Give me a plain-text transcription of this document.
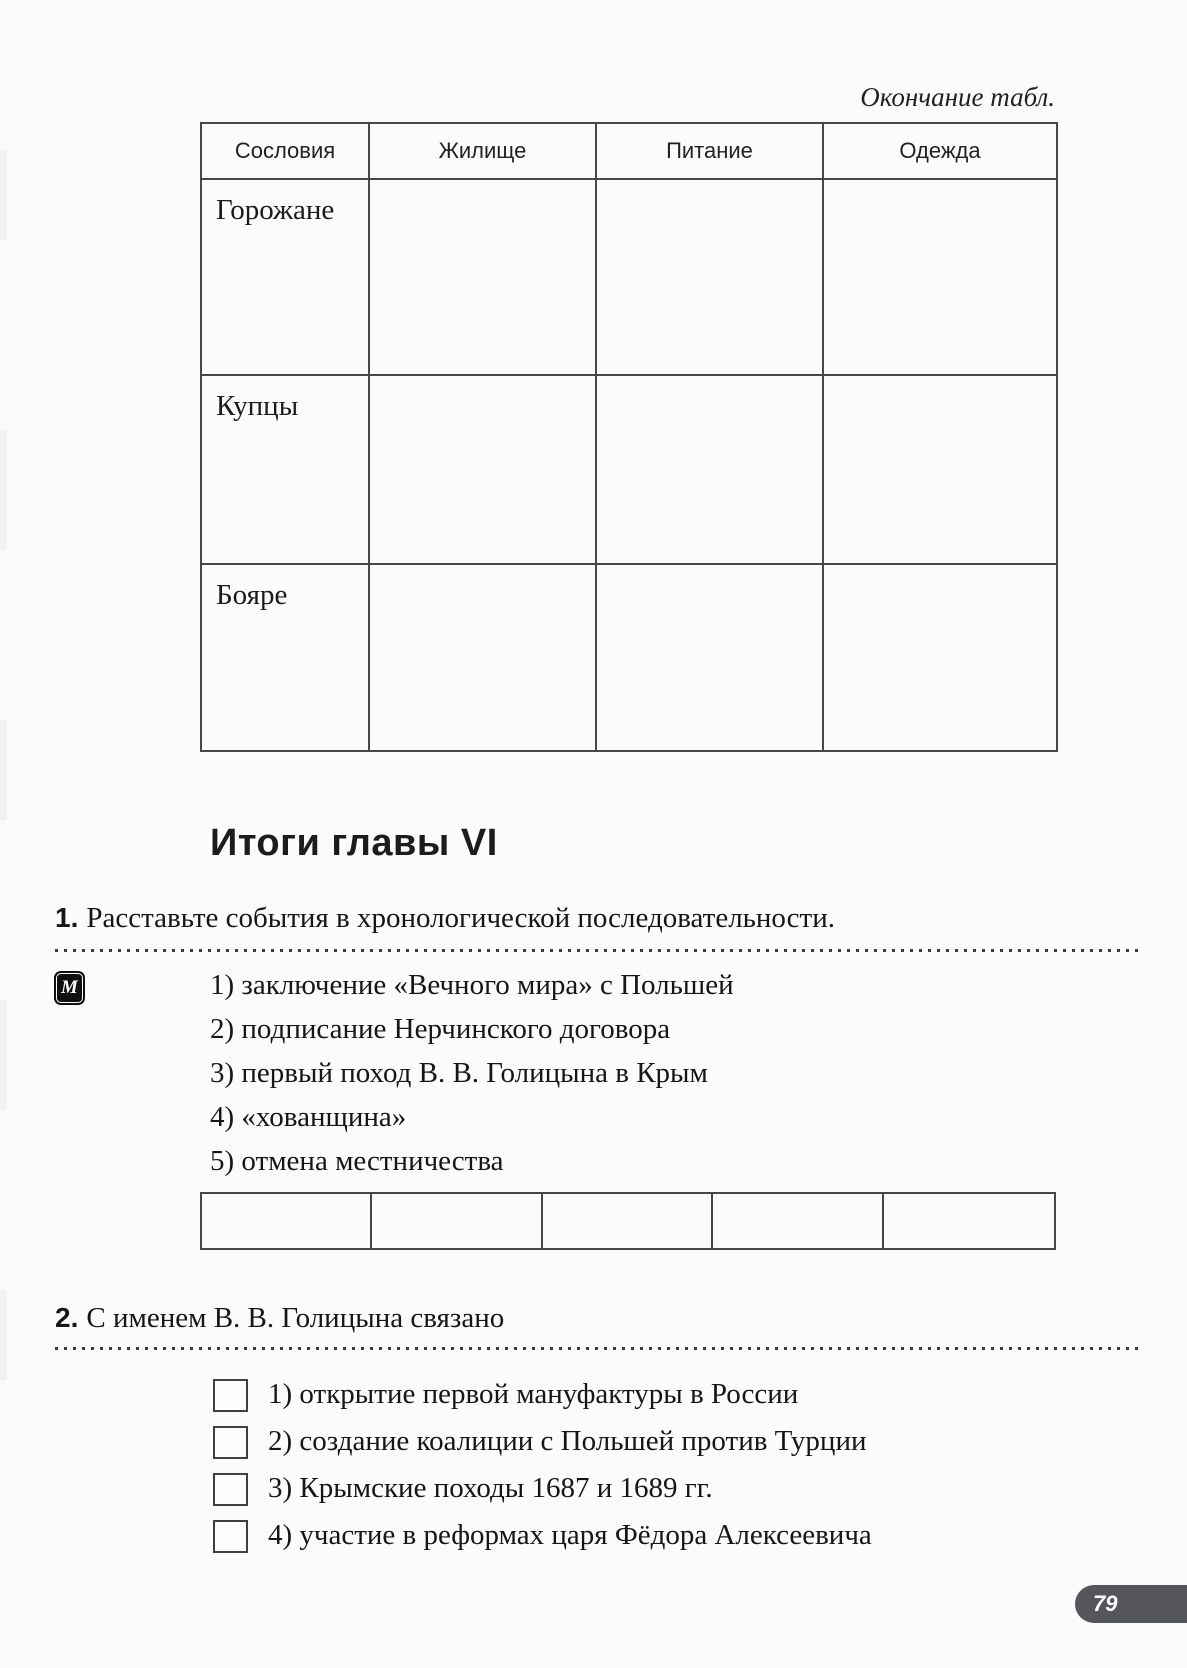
Окончание табл.
Сословия	Жилище	Питание	Одежда
Горожане			
Купцы			
Бояре			
Итоги главы VI
1. Расставьте события в хронологической последовательности.
М	1) заключение «Вечного мира» с Польшей
2) подписание Нерчинского договора
3) первый поход В. В. Голицына в Крым
4) «хованщина»
5) отмена местничества
2. С именем В. В. Голицына связано
1) открытие первой мануфактуры в России
2) создание коалиции с Польшей против Турции
3) Крымские походы 1687 и 1689 гг.
4) участие в реформах царя Фёдора Алексеевича
79
